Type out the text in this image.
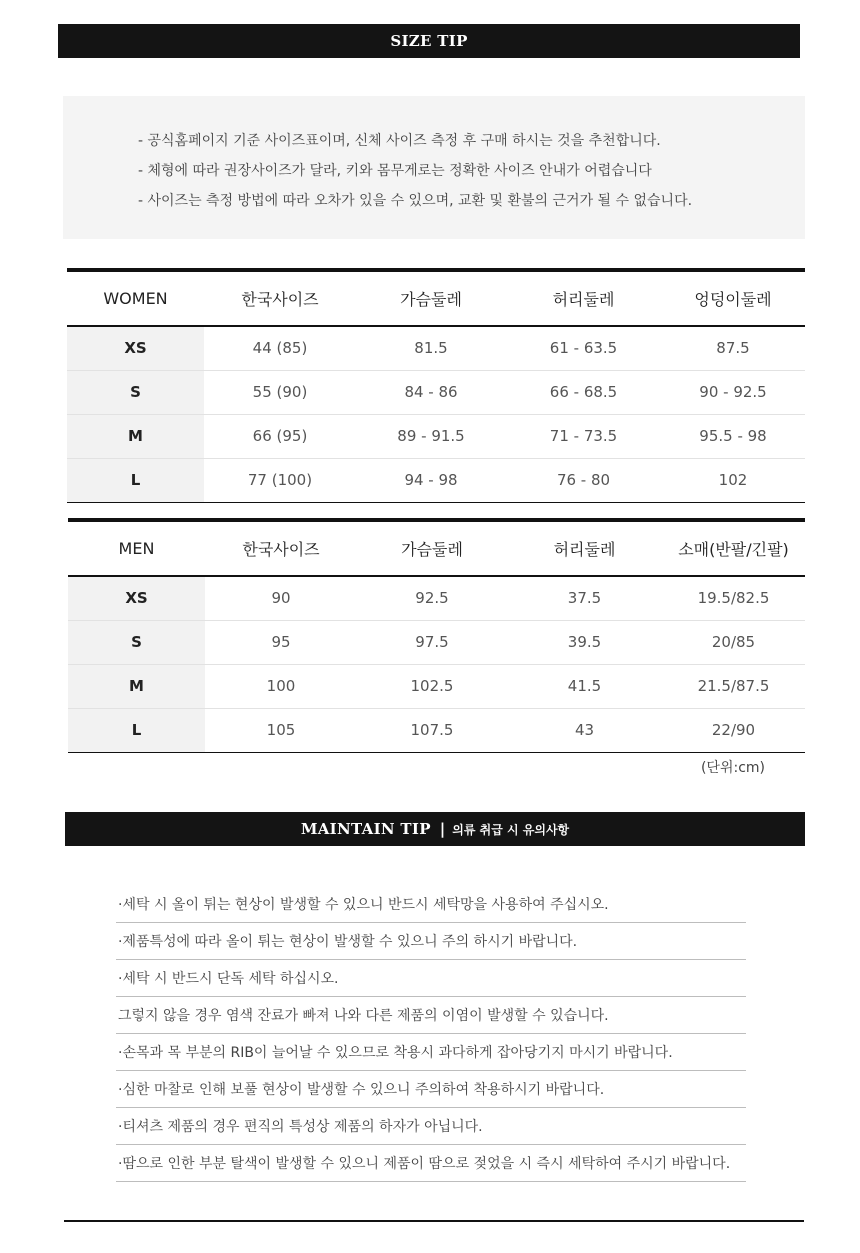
SIZE TIP
- 공식홈페이지 기준 사이즈표이며, 신체 사이즈 측정 후 구매 하시는 것을 추천합니다.
- 체형에 따라 권장사이즈가 달라, 키와 몸무게로는 정확한 사이즈 안내가 어렵습니다
- 사이즈는 측정 방법에 따라 오차가 있을 수 있으며, 교환 및 환불의 근거가 될 수 없습니다.
WOMEN	한국사이즈	가슴둘레	허리둘레	엉덩이둘레
XS	44 (85)	81.5	61 - 63.5	87.5
S	55 (90)	84 - 86	66 - 68.5	90 - 92.5
M	66 (95)	89 - 91.5	71 - 73.5	95.5 - 98
L	77 (100)	94 - 98	76 - 80	102
MEN	한국사이즈	가슴둘레	허리둘레	소매(반팔/긴팔)
XS	90	92.5	37.5	19.5/82.5
S	95	97.5	39.5	20/85
M	100	102.5	41.5	21.5/87.5
L	105	107.5	43	22/90
(단위:cm)
MAINTAIN TIP | 의류 취급 시 유의사항
·세탁 시 올이 튀는 현상이 발생할 수 있으니 반드시 세탁망을 사용하여 주십시오.
·제품특성에 따라 올이 튀는 현상이 발생할 수 있으니 주의 하시기 바랍니다.
·세탁 시 반드시 단독 세탁 하십시오.
그렇지 않을 경우 염색 잔료가 빠져 나와 다른 제품의 이염이 발생할 수 있습니다.
·손목과 목 부분의 RIB이 늘어날 수 있으므로 착용시 과다하게 잡아당기지 마시기 바랍니다.
·심한 마찰로 인해 보풀 현상이 발생할 수 있으니 주의하여 착용하시기 바랍니다.
·티셔츠 제품의 경우 편직의 특성상 제품의 하자가 아닙니다.
·땀으로 인한 부분 탈색이 발생할 수 있으니 제품이 땀으로 젖었을 시 즉시 세탁하여 주시기 바랍니다.
